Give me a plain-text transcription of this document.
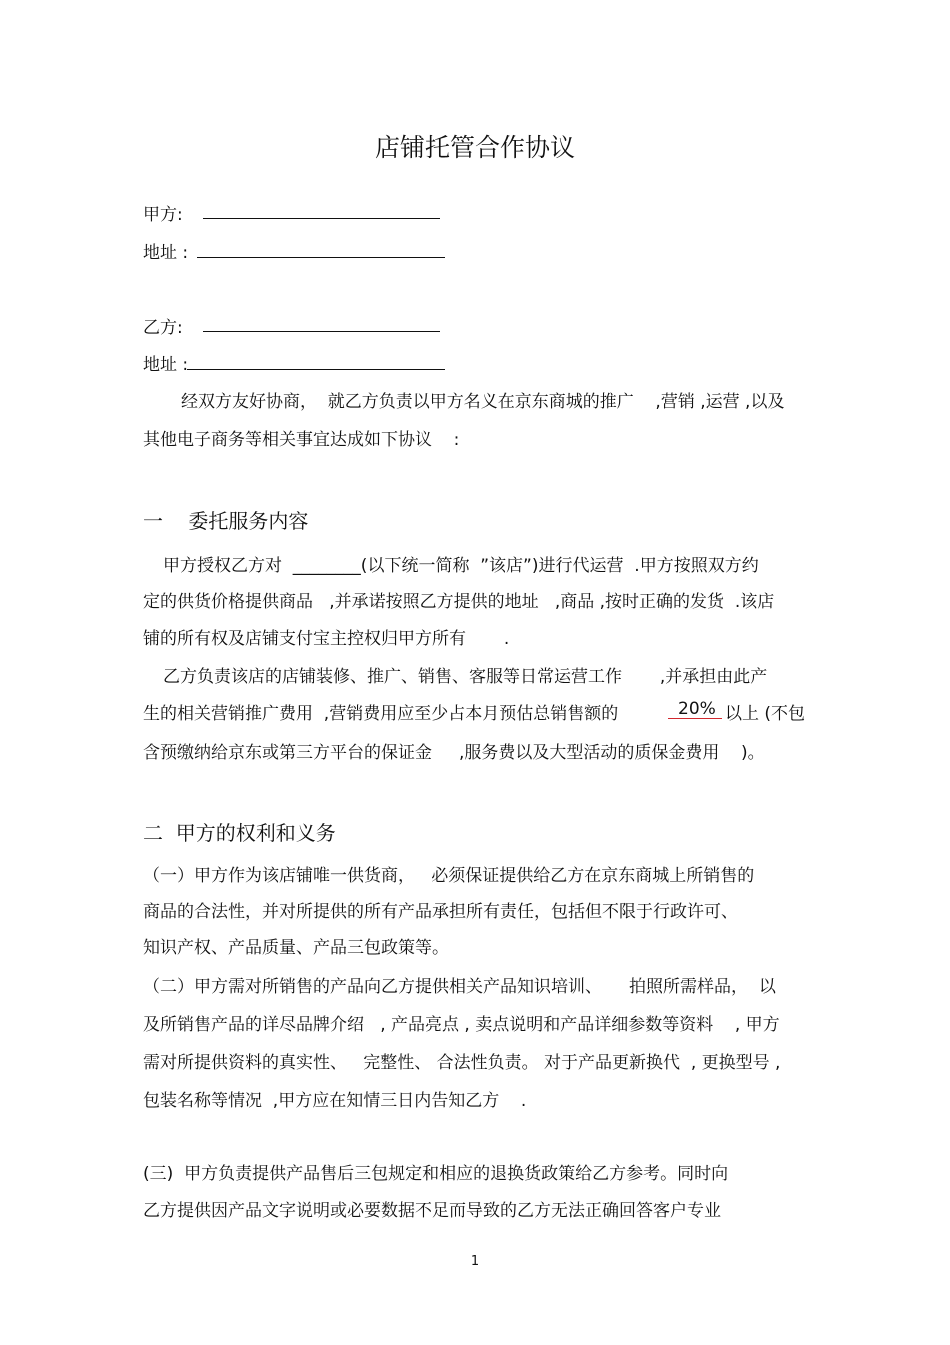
店铺托管合作协议
甲方:
地址 :
乙方:
地址 :
经双方友好协商，  就乙方负责以甲方名义在京东商城的推广    ,营销 ,运营 ,以及
其他电子商务等相关事宜达成如下协议    :
一    委托服务内容
甲方授权乙方对  ________(以下统一简称  ”该店”)进行代运营  .甲方按照双方约
定的供货价格提供商品   ,并承诺按照乙方提供的地址   ,商品 ,按时正确的发货  .该店
铺的所有权及店铺支付宝主控权归甲方所有       .
乙方负责该店的店铺装修、推广、销售、客服等日常运营工作       ,并承担由此产
生的相关营销推广费用  ,营销费用应至少占本月预估总销售额的	20% 以上 (不包
含预缴纳给京东或第三方平台的保证金     ,服务费以及大型活动的质保金费用    )。
二  甲方的权利和义务
（一）甲方作为该店铺唯一供货商，   必须保证提供给乙方在京东商城上所销售的
商品的合法性，并对所提供的所有产品承担所有责任，包括但不限于行政许可、
知识产权、产品质量、产品三包政策等。
（二）甲方需对所销售的产品向乙方提供相关产品知识培训、     拍照所需样品，  以
及所销售产品的详尽品牌介绍   , 产品亮点 , 卖点说明和产品详细参数等资料    , 甲方
需对所提供资料的真实性、   完整性、 合法性负责。 对于产品更新换代  , 更换型号 ,
包装名称等情况  ,甲方应在知情三日内告知乙方    .
(三)  甲方负责提供产品售后三包规定和相应的退换货政策给乙方参考。同时向
乙方提供因产品文字说明或必要数据不足而导致的乙方无法正确回答客户专业
1
